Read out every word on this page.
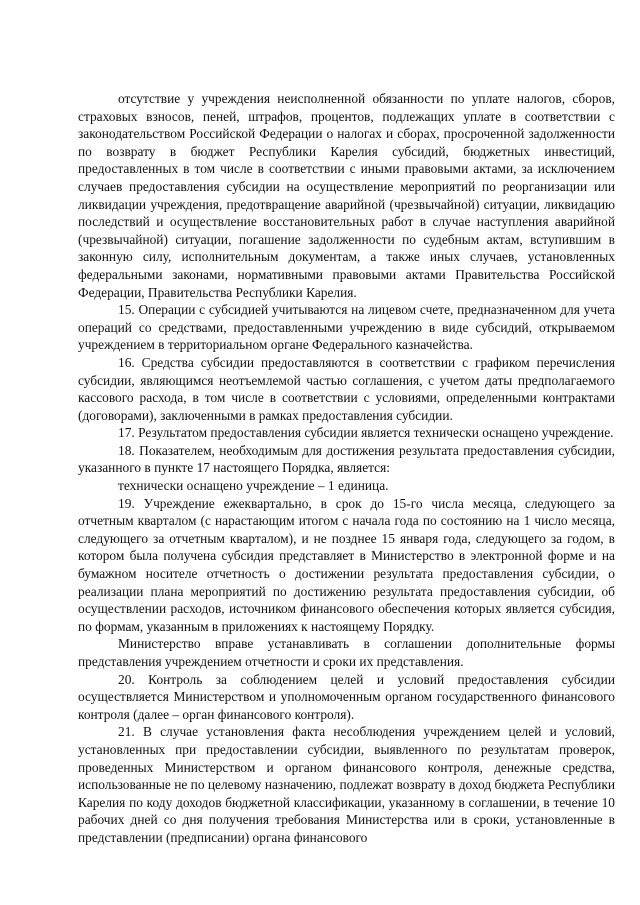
отсутствие у учреждения неисполненной обязанности по уплате налогов, сборов, страховых взносов, пеней, штрафов, процентов, подлежащих уплате в соответствии с законодательством Российской Федерации о налогах и сборах, просроченной задолженности по возврату в бюджет Республики Карелия субсидий, бюджетных инвестиций, предоставленных в том числе в соответствии с иными правовыми актами, за исключением случаев предоставления субсидии на осуществление мероприятий по реорганизации или ликвидации учреждения, предотвращение аварийной (чрезвычайной) ситуации, ликвидацию последствий и осуществление восстановительных работ в случае наступления аварийной (чрезвычайной) ситуации, погашение задолженности по судебным актам, вступившим в законную силу, исполнительным документам, а также иных случаев, установленных федеральными законами, нормативными правовыми актами Правительства Российской Федерации, Правительства Республики Карелия.

15. Операции с субсидией учитываются на лицевом счете, предназначенном для учета операций со средствами, предоставленными учреждению в виде субсидий, открываемом учреждением в территориальном органе Федерального казначейства.

16. Средства субсидии предоставляются в соответствии с графиком перечисления субсидии, являющимся неотъемлемой частью соглашения, с учетом даты предполагаемого кассового расхода, в том числе в соответствии с условиями, определенными контрактами (договорами), заключенными в рамках предоставления субсидии.

17. Результатом предоставления субсидии является технически оснащено учреждение.

18. Показателем, необходимым для достижения результата предоставления субсидии, указанного в пункте 17 настоящего Порядка, является:

технически оснащено учреждение – 1 единица.

19. Учреждение ежеквартально, в срок до 15-го числа месяца, следующего за отчетным кварталом (с нарастающим итогом с начала года по состоянию на 1 число месяца, следующего за отчетным кварталом), и не позднее 15 января года, следующего за годом, в котором была получена субсидия представляет в Министерство в электронной форме и на бумажном носителе отчетность о достижении результата предоставления субсидии, о реализации плана мероприятий по достижению результата предоставления субсидии, об осуществлении расходов, источником финансового обеспечения которых является субсидия, по формам, указанным в приложениях к настоящему Порядку.

Министерство вправе устанавливать в соглашении дополнительные формы представления учреждением отчетности и сроки их представления.

20. Контроль за соблюдением целей и условий предоставления субсидии осуществляется Министерством и уполномоченным органом государственного финансового контроля (далее – орган финансового контроля).

21. В случае установления факта несоблюдения учреждением целей и условий, установленных при предоставлении субсидии, выявленного по результатам проверок, проведенных Министерством и органом финансового контроля, денежные средства, использованные не по целевому назначению, подлежат возврату в доход бюджета Республики Карелия по коду доходов бюджетной классификации, указанному в соглашении, в течение 10 рабочих дней со дня получения требования Министерства или в сроки, установленные в представлении (предписании) органа финансового
